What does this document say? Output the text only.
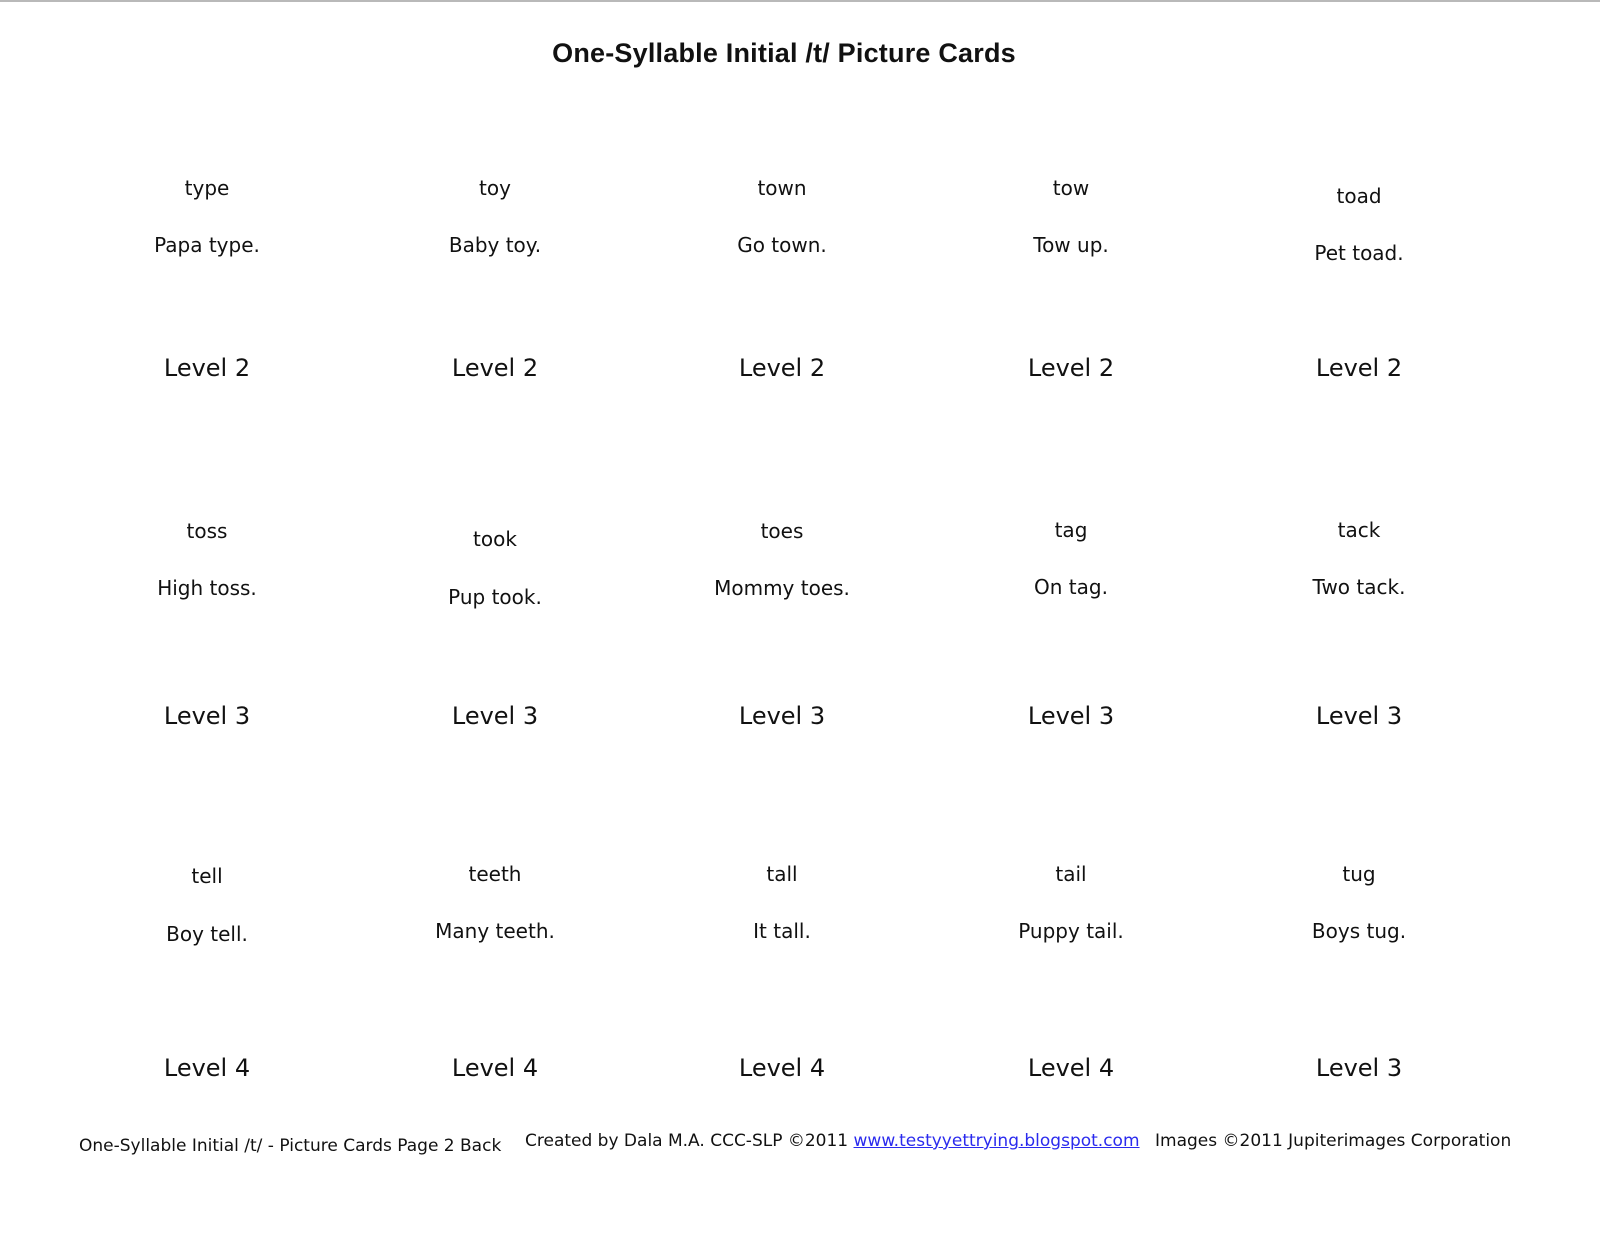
One-Syllable Initial /t/ Picture Cards
type
Papa type.
Level 2
toy
Baby toy.
Level 2
town
Go town.
Level 2
tow
Tow up.
Level 2
toad
Pet toad.
Level 2
toss
High toss.
Level 3
took
Pup took.
Level 3
toes
Mommy toes.
Level 3
tag
On tag.
Level 3
tack
Two tack.
Level 3
tell
Boy tell.
Level 4
teeth
Many teeth.
Level 4
tall
It tall.
Level 4
tail
Puppy tail.
Level 4
tug
Boys tug.
Level 3
One-Syllable Initial /t/ - Picture Cards Page 2 Back Created by Dala M.A. CCC-SLP ©2011 www.testyyettrying.blogspot.com Images ©2011 Jupiterimages Corporation
